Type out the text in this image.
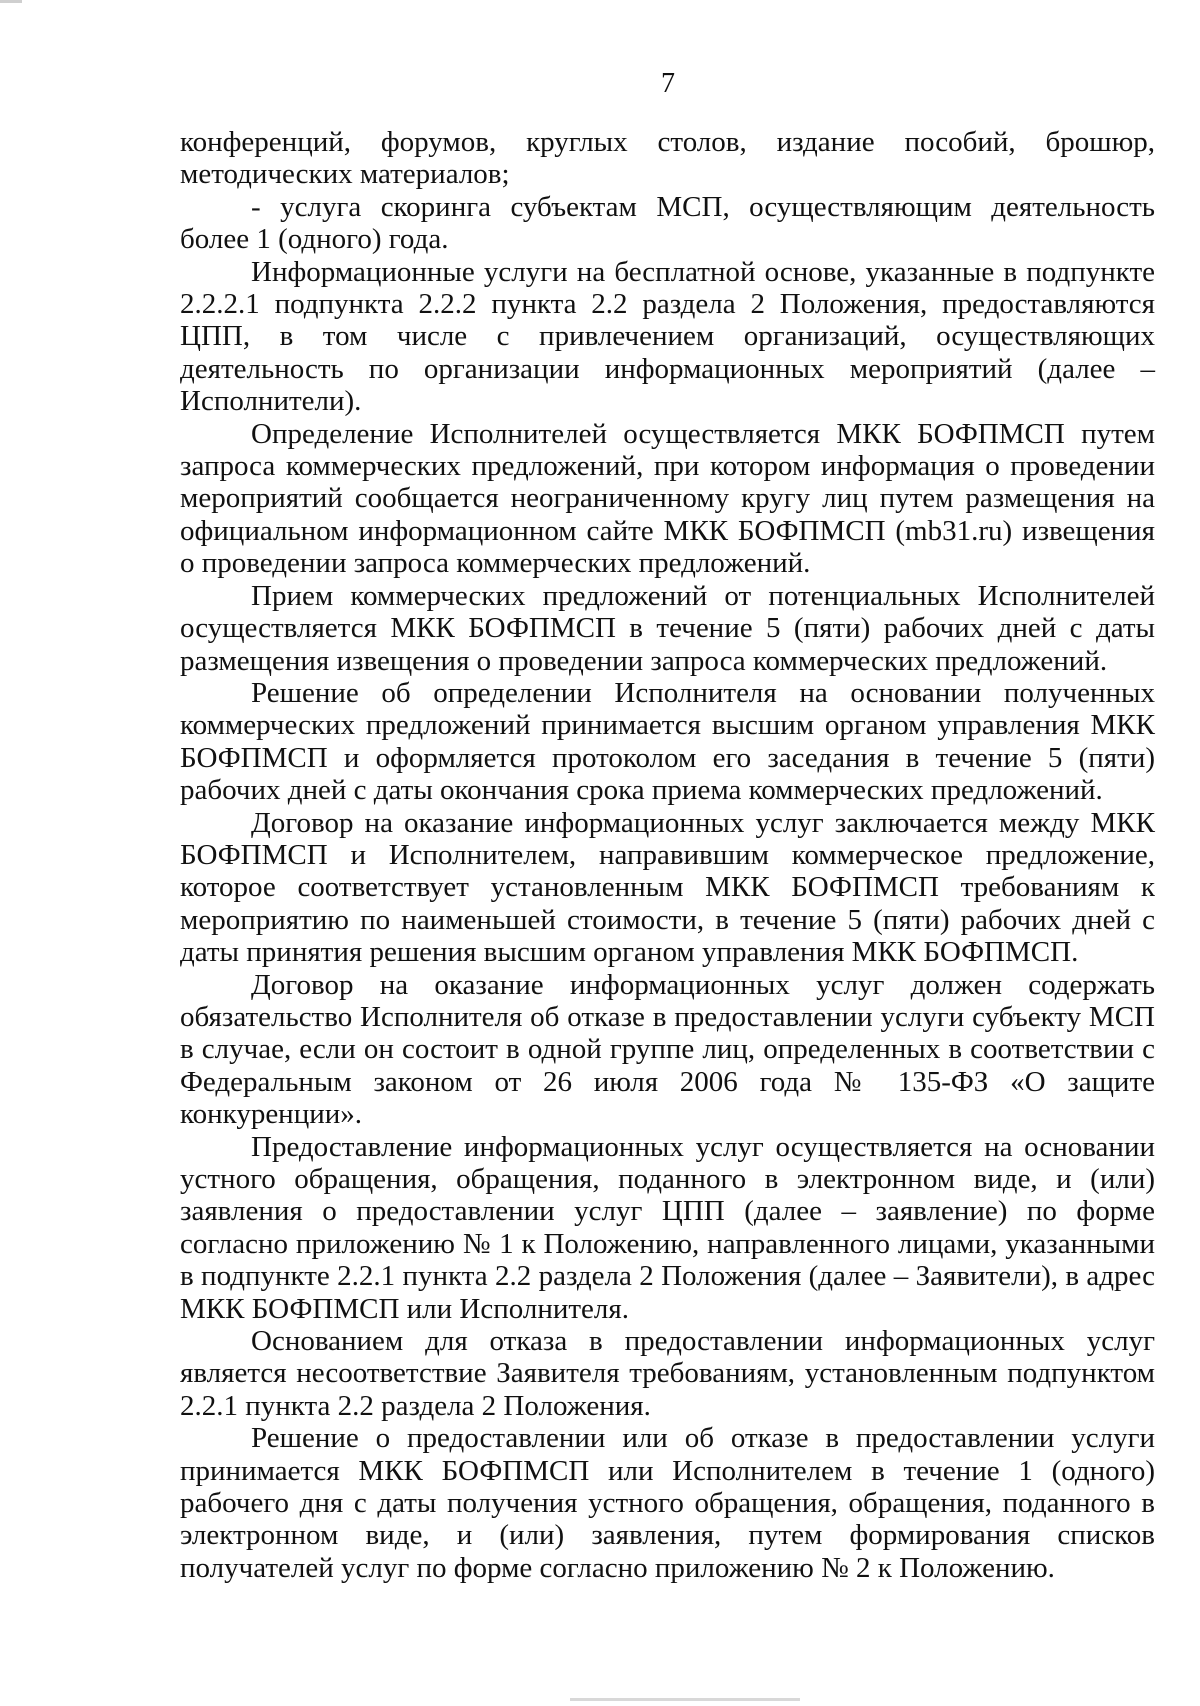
7

конференций, форумов, круглых столов, издание пособий, брошюр, методических материалов;

- услуга скоринга субъектам МСП, осуществляющим деятельность более 1 (одного) года.

Информационные услуги на бесплатной основе, указанные в подпункте 2.2.2.1 подпункта 2.2.2 пункта 2.2 раздела 2 Положения, предоставляются ЦПП, в том числе с привлечением организаций, осуществляющих деятельность по организации информационных мероприятий (далее – Исполнители).

Определение Исполнителей осуществляется МКК БОФПМСП путем запроса коммерческих предложений, при котором информация о проведении мероприятий сообщается неограниченному кругу лиц путем размещения на официальном информационном сайте МКК БОФПМСП (mb31.ru) извещения о проведении запроса коммерческих предложений.

Прием коммерческих предложений от потенциальных Исполнителей осуществляется МКК БОФПМСП в течение 5 (пяти) рабочих дней с даты размещения извещения о проведении запроса коммерческих предложений.

Решение об определении Исполнителя на основании полученных коммерческих предложений принимается высшим органом управления МКК БОФПМСП и оформляется протоколом его заседания в течение 5 (пяти) рабочих дней с даты окончания срока приема коммерческих предложений.

Договор на оказание информационных услуг заключается между МКК БОФПМСП и Исполнителем, направившим коммерческое предложение, которое соответствует установленным МКК БОФПМСП требованиям к мероприятию по наименьшей стоимости, в течение 5 (пяти) рабочих дней с даты принятия решения высшим органом управления МКК БОФПМСП.

Договор на оказание информационных услуг должен содержать обязательство Исполнителя об отказе в предоставлении услуги субъекту МСП в случае, если он состоит в одной группе лиц, определенных в соответствии с Федеральным законом от 26 июля 2006 года № 135-ФЗ «О защите конкуренции».

Предоставление информационных услуг осуществляется на основании устного обращения, обращения, поданного в электронном виде, и (или) заявления о предоставлении услуг ЦПП (далее – заявление) по форме согласно приложению № 1 к Положению, направленного лицами, указанными в подпункте 2.2.1 пункта 2.2 раздела 2 Положения (далее – Заявители), в адрес МКК БОФПМСП или Исполнителя.

Основанием для отказа в предоставлении информационных услуг является несоответствие Заявителя требованиям, установленным подпунктом 2.2.1 пункта 2.2 раздела 2 Положения.

Решение о предоставлении или об отказе в предоставлении услуги принимается МКК БОФПМСП или Исполнителем в течение 1 (одного) рабочего дня с даты получения устного обращения, обращения, поданного в электронном виде, и (или) заявления, путем формирования списков получателей услуг по форме согласно приложению № 2 к Положению.
